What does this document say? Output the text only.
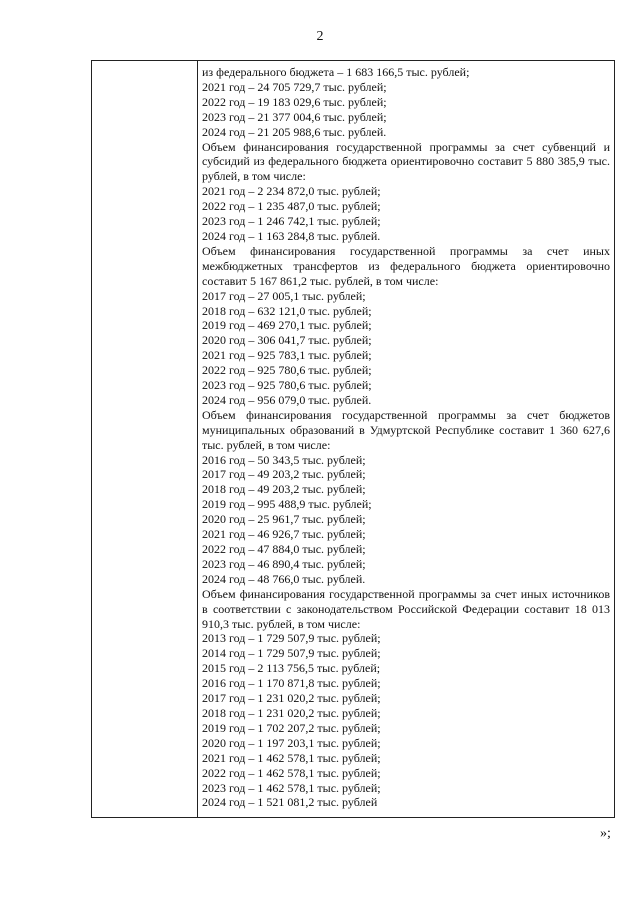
2
из федерального бюджета – 1 683 166,5 тыс. рублей;
2021 год – 24 705 729,7 тыс. рублей;
2022 год – 19 183 029,6 тыс. рублей;
2023 год – 21 377 004,6 тыс. рублей;
2024 год – 21 205 988,6 тыс. рублей.
Объем финансирования государственной программы за счет субвенций и субсидий из федерального бюджета ориентировочно составит 5 880 385,9 тыс. рублей, в том числе:
2021 год – 2 234 872,0 тыс. рублей;
2022 год – 1 235 487,0 тыс. рублей;
2023 год – 1 246 742,1 тыс. рублей;
2024 год – 1 163 284,8 тыс. рублей.
Объем финансирования государственной программы за счет иных межбюджетных трансфертов из федерального бюджета ориентировочно составит 5 167 861,2 тыс. рублей, в том числе:
2017 год – 27 005,1 тыс. рублей;
2018 год – 632 121,0 тыс. рублей;
2019 год – 469 270,1 тыс. рублей;
2020 год – 306 041,7 тыс. рублей;
2021 год – 925 783,1 тыс. рублей;
2022 год – 925 780,6 тыс. рублей;
2023 год – 925 780,6 тыс. рублей;
2024 год – 956 079,0 тыс. рублей.
Объем финансирования государственной программы за счет бюджетов муниципальных образований в Удмуртской Республике составит 1 360 627,6 тыс. рублей, в том числе:
2016 год – 50 343,5 тыс. рублей;
2017 год – 49 203,2 тыс. рублей;
2018 год – 49 203,2 тыс. рублей;
2019 год – 995 488,9 тыс. рублей;
2020 год – 25 961,7 тыс. рублей;
2021 год – 46 926,7 тыс. рублей;
2022 год – 47 884,0 тыс. рублей;
2023 год – 46 890,4 тыс. рублей;
2024 год – 48 766,0 тыс. рублей.
Объем финансирования государственной программы за счет иных источников в соответствии с законодательством Российской Федерации составит 18 013 910,3 тыс. рублей, в том числе:
2013 год – 1 729 507,9 тыс. рублей;
2014 год – 1 729 507,9 тыс. рублей;
2015 год – 2 113 756,5 тыс. рублей;
2016 год – 1 170 871,8 тыс. рублей;
2017 год – 1 231 020,2 тыс. рублей;
2018 год – 1 231 020,2 тыс. рублей;
2019 год – 1 702 207,2 тыс. рублей;
2020 год – 1 197 203,1 тыс. рублей;
2021 год – 1 462 578,1 тыс. рублей;
2022 год – 1 462 578,1 тыс. рублей;
2023 год – 1 462 578,1 тыс. рублей;
2024 год – 1 521 081,2 тыс. рублей
»;
